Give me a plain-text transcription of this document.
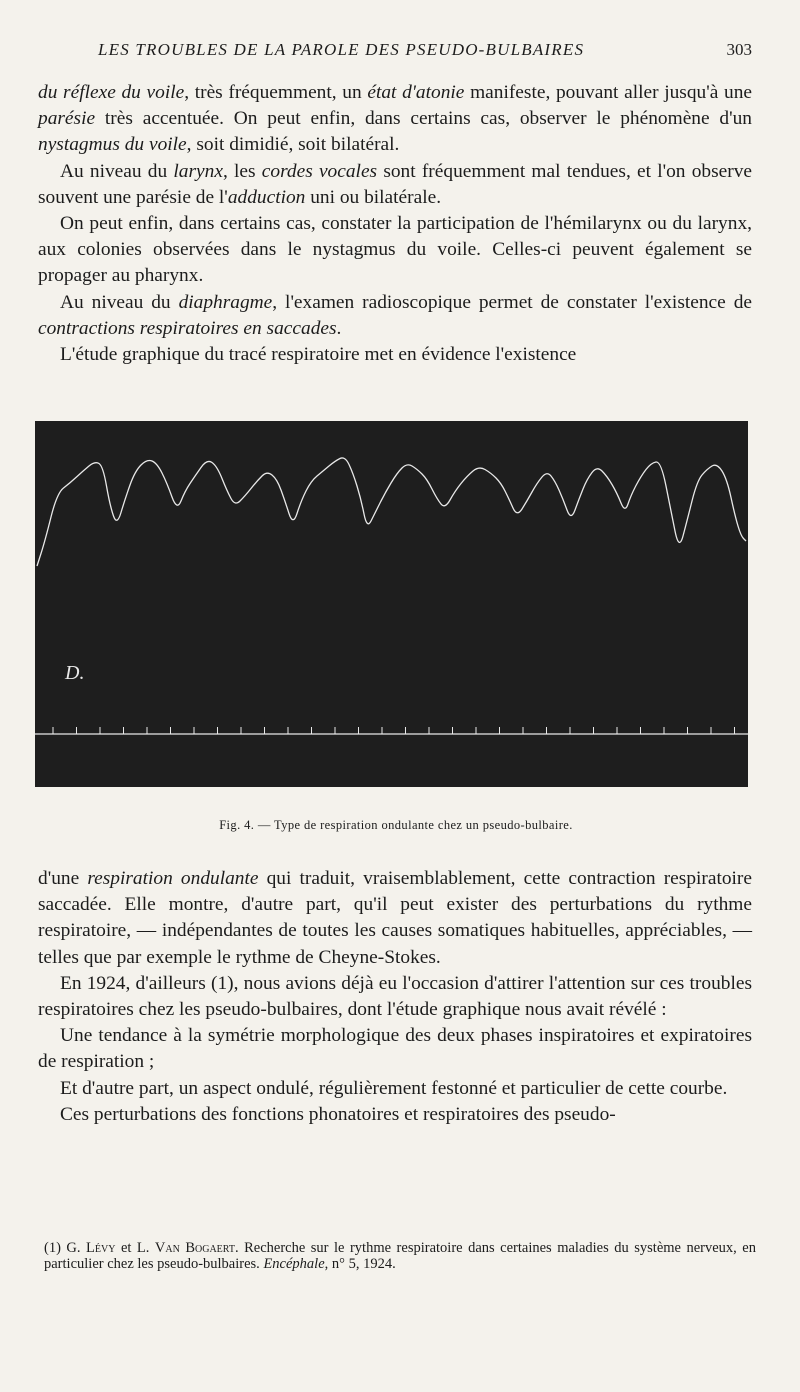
LES TROUBLES DE LA PAROLE DES PSEUDO-BULBAIRES	303

du réflexe du voile, très fréquemment, un état d'atonie manifeste, pouvant aller jusqu'à une parésie très accentuée. On peut enfin, dans certains cas, observer le phénomène d'un nystagmus du voile, soit dimidié, soit bilatéral.

Au niveau du larynx, les cordes vocales sont fréquemment mal tendues, et l'on observe souvent une parésie de l'adduction uni ou bilatérale.

On peut enfin, dans certains cas, constater la participation de l'hémilarynx ou du larynx, aux colonies observées dans le nystagmus du voile. Celles-ci peuvent également se propager au pharynx.

Au niveau du diaphragme, l'examen radioscopique permet de constater l'existence de contractions respiratoires en saccades.

L'étude graphique du tracé respiratoire met en évidence l'existence

D.
Fig. 4. — Type de respiration ondulante chez un pseudo-bulbaire.

d'une respiration ondulante qui traduit, vraisemblablement, cette contraction respiratoire saccadée. Elle montre, d'autre part, qu'il peut exister des perturbations du rythme respiratoire, — indépendantes de toutes les causes somatiques habituelles, appréciables, — telles que par exemple le rythme de Cheyne-Stokes.

En 1924, d'ailleurs (1), nous avions déjà eu l'occasion d'attirer l'attention sur ces troubles respiratoires chez les pseudo-bulbaires, dont l'étude graphique nous avait révélé :

Une tendance à la symétrie morphologique des deux phases inspiratoires et expiratoires de respiration ;

Et d'autre part, un aspect ondulé, régulièrement festonné et particulier de cette courbe.

Ces perturbations des fonctions phonatoires et respiratoires des pseudo-

(1) G. Lévy et L. Van Bogaert. Recherche sur le rythme respiratoire dans certaines maladies du système nerveux, en particulier chez les pseudo-bulbaires. Encéphale, n° 5, 1924.
